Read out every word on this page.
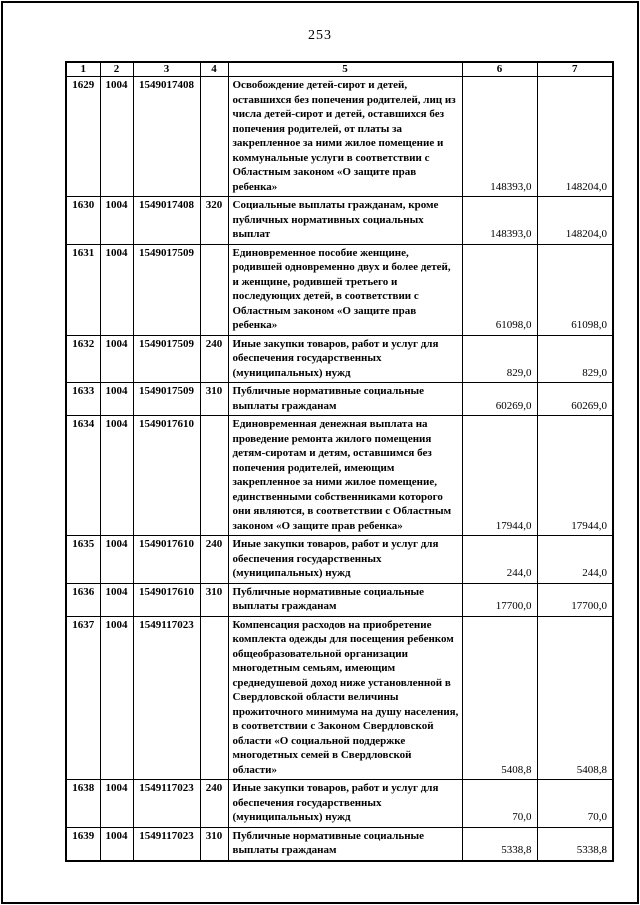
253
1	2	3	4	5	6	7
1629	1004	1549017408		Освобождение детей-сирот и детей, оставшихся без попечения родителей, лиц из числа детей-сирот и детей, оставшихся без попечения родителей, от платы за закрепленное за ними жилое помещение и коммунальные услуги в соответствии с Областным законом «О защите прав ребенка»	148393,0	148204,0
1630	1004	1549017408	320	Социальные выплаты гражданам, кроме публичных нормативных социальных выплат	148393,0	148204,0
1631	1004	1549017509		Единовременное пособие женщине, родившей одновременно двух и более детей, и женщине, родившей третьего и последующих детей, в соответствии с Областным законом «О защите прав ребенка»	61098,0	61098,0
1632	1004	1549017509	240	Иные закупки товаров, работ и услуг для обеспечения государственных (муниципальных) нужд	829,0	829,0
1633	1004	1549017509	310	Публичные нормативные социальные выплаты гражданам	60269,0	60269,0
1634	1004	1549017610		Единовременная денежная выплата на проведение ремонта жилого помещения детям-сиротам и детям, оставшимся без попечения родителей, имеющим закрепленное за ними жилое помещение, единственными собственниками которого они являются, в соответствии с Областным законом «О защите прав ребенка»	17944,0	17944,0
1635	1004	1549017610	240	Иные закупки товаров, работ и услуг для обеспечения государственных (муниципальных) нужд	244,0	244,0
1636	1004	1549017610	310	Публичные нормативные социальные выплаты гражданам	17700,0	17700,0
1637	1004	1549117023		Компенсация расходов на приобретение комплекта одежды для посещения ребенком общеобразовательной организации многодетным семьям, имеющим среднедушевой доход ниже установленной в Свердловской области величины прожиточного минимума на душу населения, в соответствии с Законом Свердловской области «О социальной поддержке многодетных семей в Свердловской области»	5408,8	5408,8
1638	1004	1549117023	240	Иные закупки товаров, работ и услуг для обеспечения государственных (муниципальных) нужд	70,0	70,0
1639	1004	1549117023	310	Публичные нормативные социальные выплаты гражданам	5338,8	5338,8
